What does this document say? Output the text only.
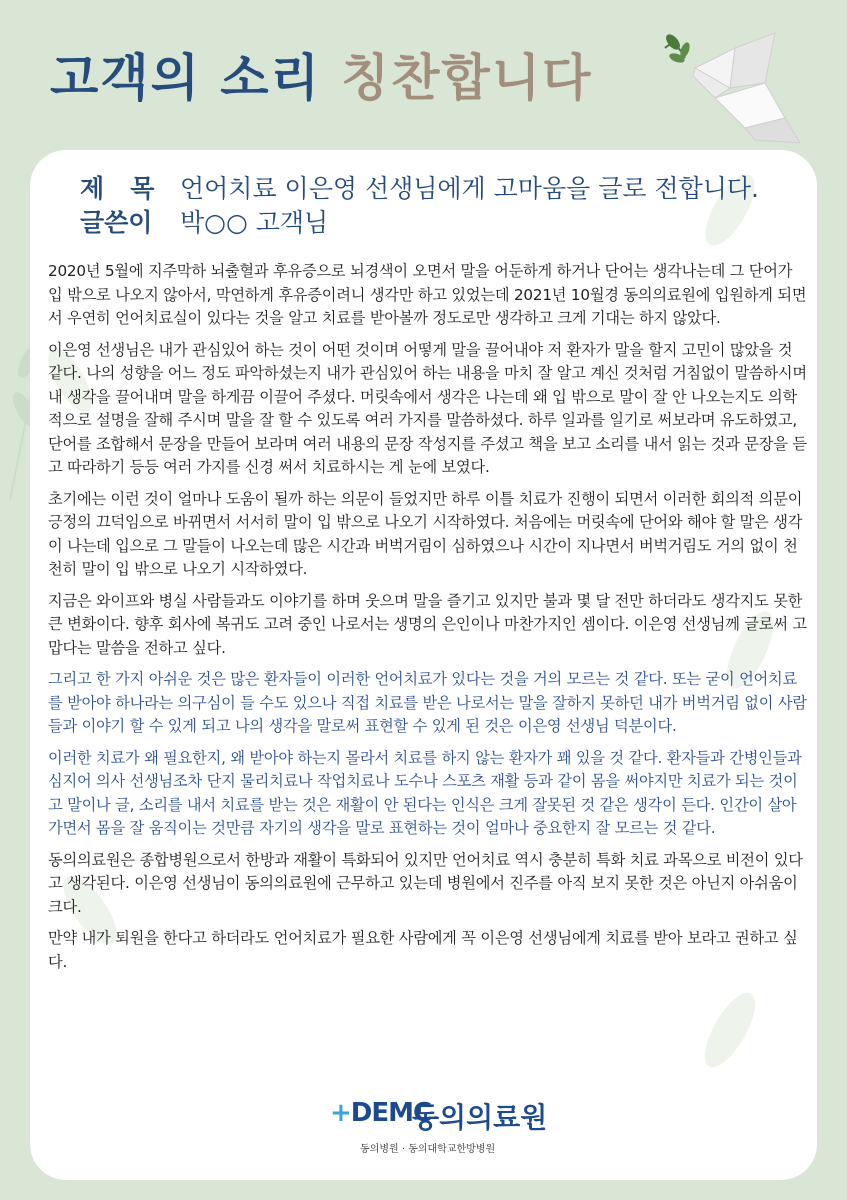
고객의 소리 칭찬합니다
제   목	언어치료 이은영 선생님에게 고마움을 글로 전합니다.
글쓴이	박○○ 고객님

2020년 5월에 지주막하 뇌출혈과 후유증으로 뇌경색이 오면서 말을 어둔하게 하거나 단어는 생각나는데 그 단어가 입 밖으로 나오지 않아서, 막연하게 후유증이려니 생각만 하고 있었는데 2021년 10월경 동의의료원에 입원하게 되면서 우연히 언어치료실이 있다는 것을 알고 치료를 받아볼까 정도로만 생각하고 크게 기대는 하지 않았다.

이은영 선생님은 내가 관심있어 하는 것이 어떤 것이며 어떻게 말을 끌어내야 저 환자가 말을 할지 고민이 많았을 것 같다. 나의 성향을 어느 정도 파악하셨는지 내가 관심있어 하는 내용을 마치 잘 알고 계신 것처럼 거침없이 말씀하시며 내 생각을 끌어내며 말을 하게끔 이끌어 주셨다. 머릿속에서 생각은 나는데 왜 입 밖으로 말이 잘 안 나오는지도 의학적으로 설명을 잘해 주시며 말을 잘 할 수 있도록 여러 가지를 말씀하셨다. 하루 일과를 일기로 써보라며 유도하였고, 단어를 조합해서 문장을 만들어 보라며 여러 내용의 문장 작성지를 주셨고 책을 보고 소리를 내서 읽는 것과 문장을 듣고 따라하기 등등 여러 가지를 신경 써서 치료하시는 게 눈에 보였다.

초기에는 이런 것이 얼마나 도움이 될까 하는 의문이 들었지만 하루 이틀 치료가 진행이 되면서 이러한 회의적 의문이 긍정의 끄덕임으로 바뀌면서 서서히 말이 입 밖으로 나오기 시작하였다. 처음에는 머릿속에 단어와 해야 할 말은 생각이 나는데 입으로 그 말들이 나오는데 많은 시간과 버벅거림이 심하였으나 시간이 지나면서 버벅거림도 거의 없이 천천히 말이 입 밖으로 나오기 시작하였다.

지금은 와이프와 병실 사람들과도 이야기를 하며 웃으며 말을 즐기고 있지만 불과 몇 달 전만 하더라도 생각지도 못한 큰 변화이다. 향후 회사에 복귀도 고려 중인 나로서는 생명의 은인이나 마찬가지인 셈이다. 이은영 선생님께 글로써 고맙다는 말씀을 전하고 싶다.

그리고 한 가지 아쉬운 것은 많은 환자들이 이러한 언어치료가 있다는 것을 거의 모르는 것 같다. 또는 굳이 언어치료를 받아야 하나라는 의구심이 들 수도 있으나 직접 치료를 받은 나로서는 말을 잘하지 못하던 내가 버벅거림 없이 사람들과 이야기 할 수 있게 되고 나의 생각을 말로써 표현할 수 있게 된 것은 이은영 선생님 덕분이다.

이러한 치료가 왜 필요한지, 왜 받아야 하는지 몰라서 치료를 하지 않는 환자가 꽤 있을 것 같다. 환자들과 간병인들과 심지어 의사 선생님조차 단지 물리치료나 작업치료나 도수나 스포츠 재활 등과 같이 몸을 써야지만 치료가 되는 것이고 말이나 글, 소리를 내서 치료를 받는 것은 재활이 안 된다는 인식은 크게 잘못된 것 같은 생각이 든다. 인간이 살아가면서 몸을 잘 움직이는 것만큼 자기의 생각을 말로 표현하는 것이 얼마나 중요한지 잘 모르는 것 같다.

동의의료원은 종합병원으로서 한방과 재활이 특화되어 있지만 언어치료 역시 충분히 특화 치료 과목으로 비전이 있다고 생각된다. 이은영 선생님이 동의의료원에 근무하고 있는데 병원에서 진주를 아직 보지 못한 것은 아닌지 아쉬움이 크다.

만약 내가 퇴원을 한다고 하더라도 언어치료가 필요한 사람에게 꼭 이은영 선생님에게 치료를 받아 보라고 권하고 싶다.

+DEMC
동의의료원
동의병원 · 동의대학교한방병원
